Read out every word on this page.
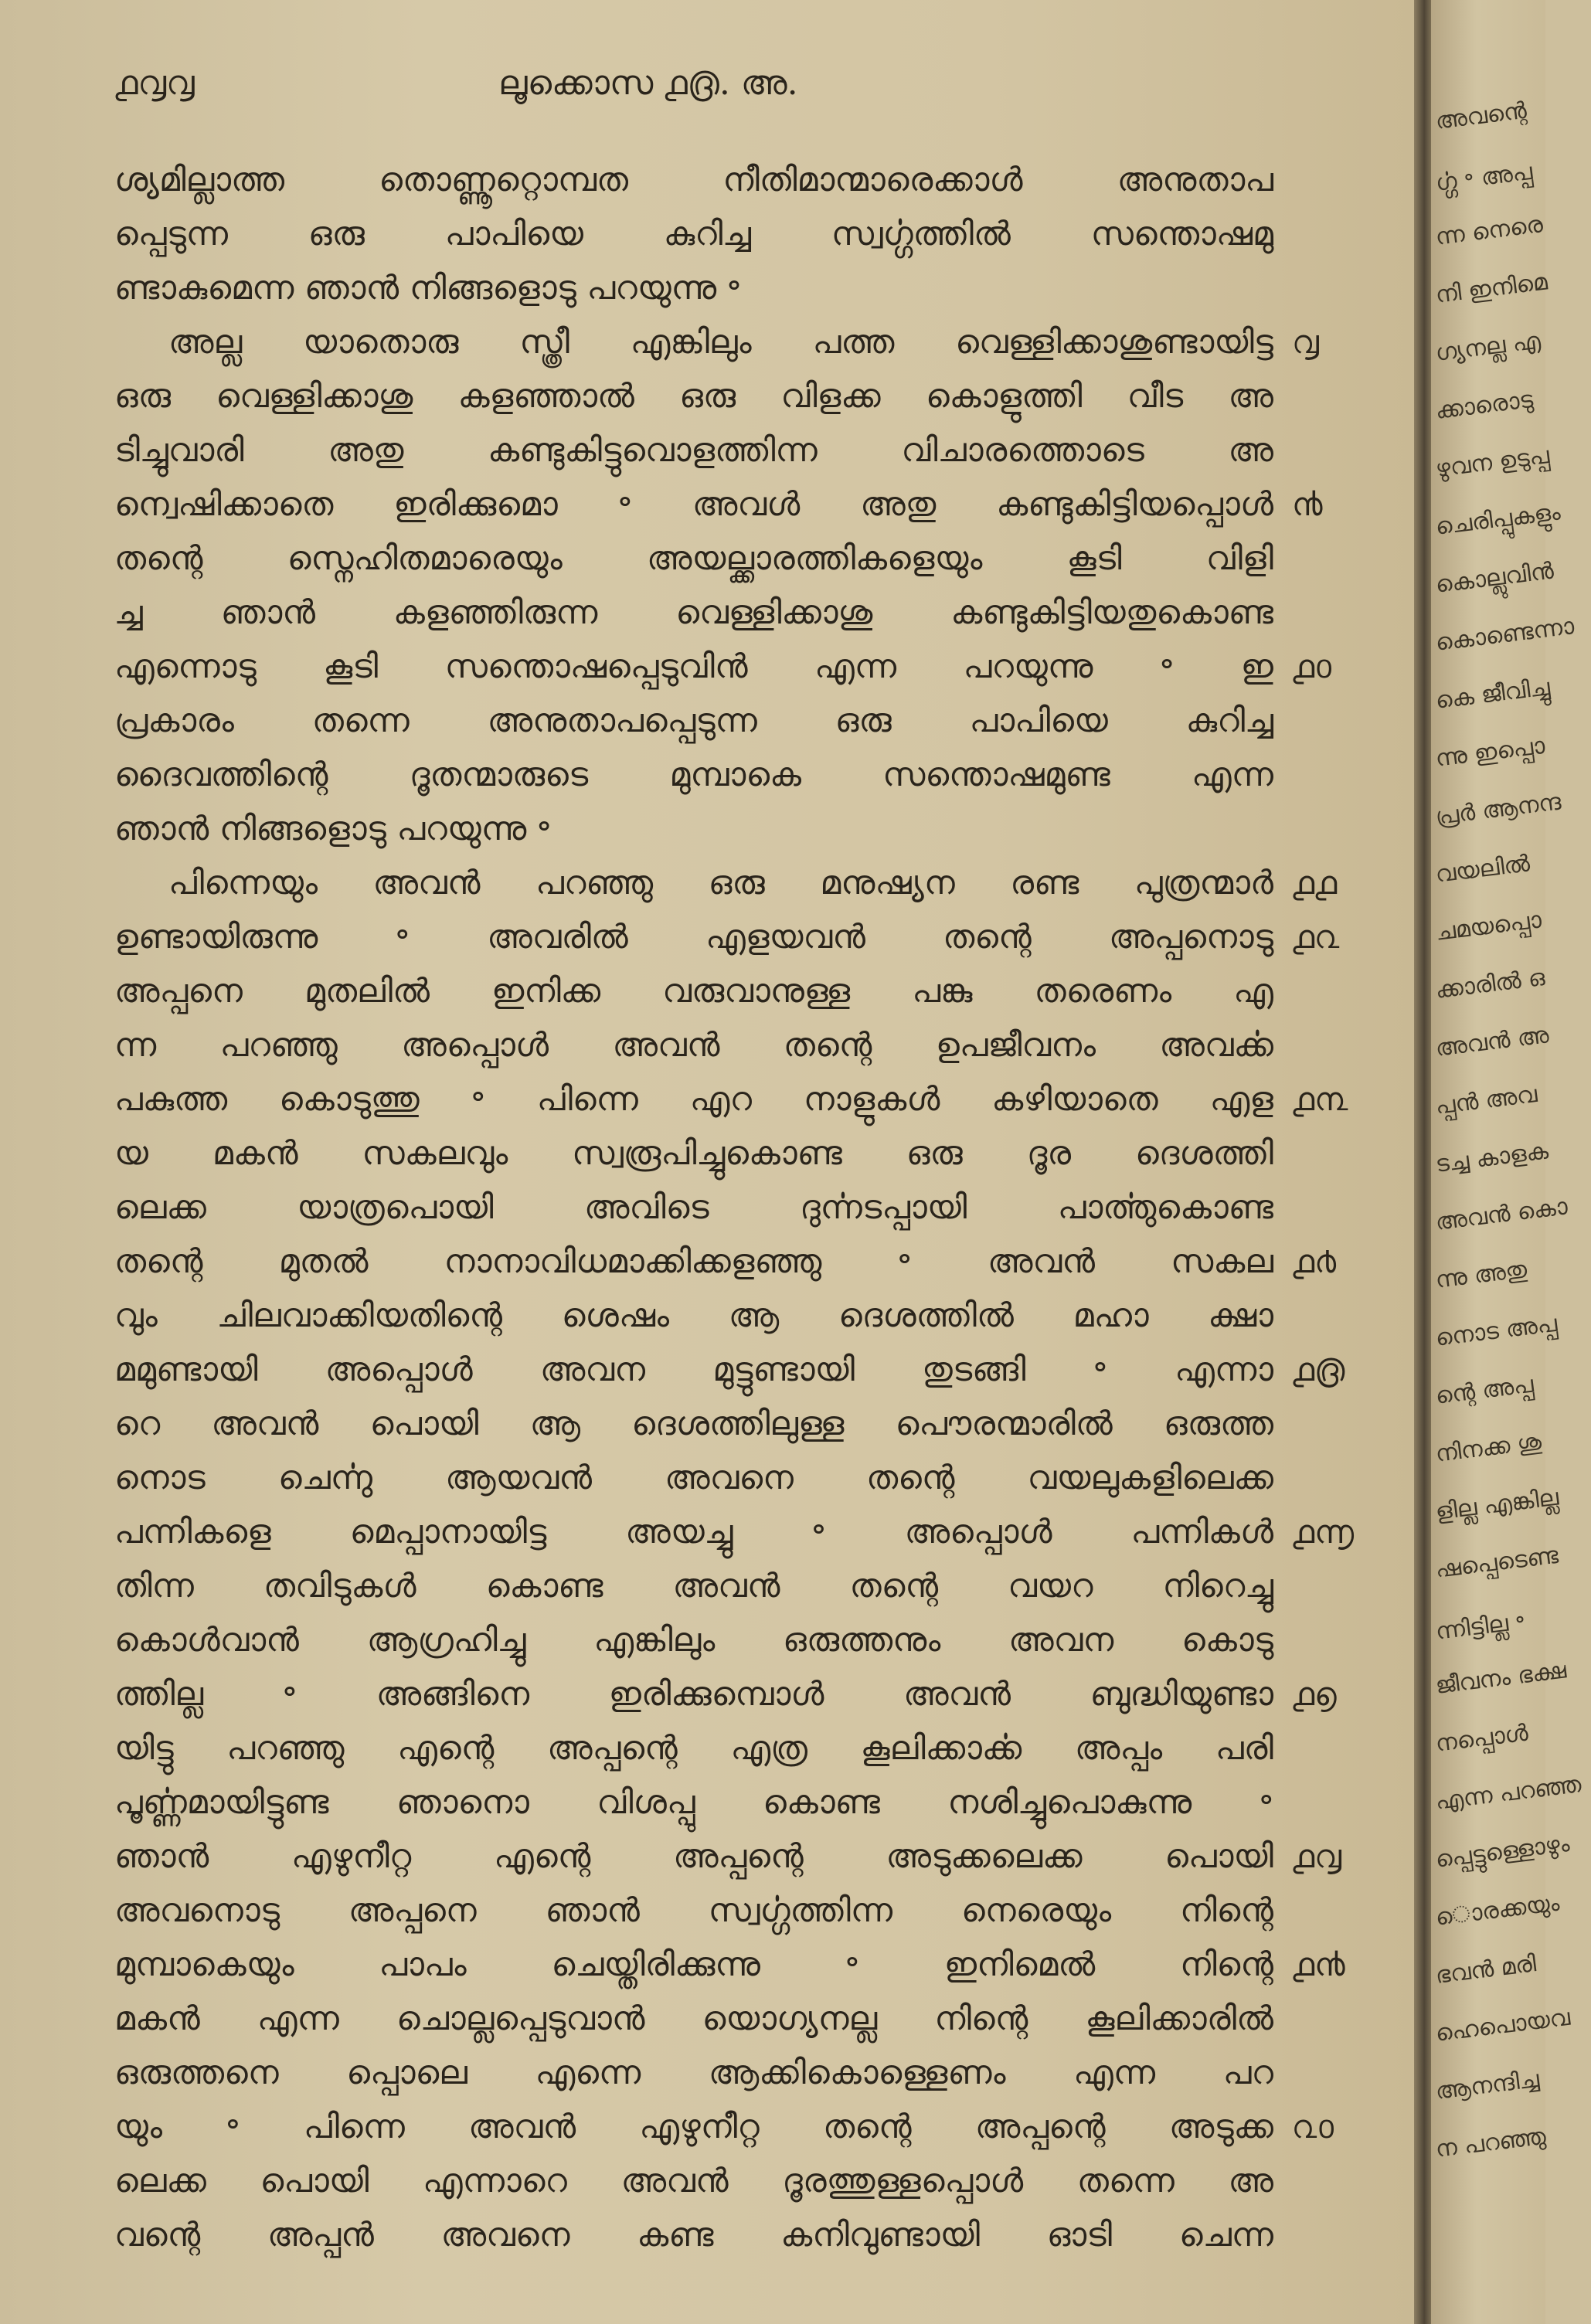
൧൮൮	ലൂക്കൊസ ൧൫. അ.
ശ്യമില്ലാത്ത തൊണ്ണൂറ്റൊമ്പത നീതിമാന്മാരെക്കാൾ അനുതാപ
പ്പെടുന്ന ഒരു പാപിയെ കുറിച്ച സ്വൎഗ്ഗത്തിൽ സന്തൊഷമു
ണ്ടാകുമെന്ന ഞാൻ നിങ്ങളൊടു പറയുന്നു ॰
അല്ല യാതൊരു സ്ത്രീ എങ്കിലും പത്ത വെള്ളിക്കാശുണ്ടായിട്ട
ഒരു വെള്ളിക്കാശു കളഞ്ഞാൽ ഒരു വിളക്ക കൊളുത്തി വീട അ
ടിച്ചുവാരി അതു കണ്ടുകിട്ടുവൊളത്തിന്ന വിചാരത്തൊടെ അ
ന്വെഷിക്കാതെ ഇരിക്കുമൊ ॰ അവൾ അതു കണ്ടുകിട്ടിയപ്പൊൾ
തന്റെ സ്നെഹിതമാരെയും അയല്ക്കാരത്തികളെയും കൂടി വിളി
ച്ച ഞാൻ കളഞ്ഞിരുന്ന വെള്ളിക്കാശു കണ്ടുകിട്ടിയതുകൊണ്ട
എന്നൊടു കൂടി സന്തൊഷപ്പെടുവിൻ എന്ന പറയുന്നു ॰ ഇ
പ്രകാരം തന്നെ അനുതാപപ്പെടുന്ന ഒരു പാപിയെ കുറിച്ച
ദൈവത്തിന്റെ ദൂതന്മാരുടെ മുമ്പാകെ സന്തൊഷമുണ്ട എന്ന
ഞാൻ നിങ്ങളൊടു പറയുന്നു ॰
പിന്നെയും അവൻ പറഞ്ഞു ഒരു മനുഷ്യന രണ്ട പുത്രന്മാർ
ഉണ്ടായിരുന്നു ॰ അവരിൽ എളയവൻ തന്റെ അപ്പനൊടു
അപ്പനെ മുതലിൽ ഇനിക്ക വരുവാനുള്ള പങ്കു തരെണം എ
ന്ന പറഞ്ഞു അപ്പൊൾ അവൻ തന്റെ ഉപജീവനം അവൎക്ക
പകുത്ത കൊടുത്തു ॰ പിന്നെ എറ നാളുകൾ കഴിയാതെ എള
യ മകൻ സകലവും സ്വരൂപിച്ചുകൊണ്ട ഒരു ദൂര ദെശത്തി
ലെക്ക യാത്രപൊയി അവിടെ ദുൎന്നടപ്പായി പാൎത്തുകൊണ്ട
തന്റെ മുതൽ നാനാവിധമാക്കിക്കളഞ്ഞു ॰ അവൻ സകല
വും ചിലവാക്കിയതിന്റെ ശെഷം ആ ദെശത്തിൽ മഹാ ക്ഷാ
മമുണ്ടായി അപ്പൊൾ അവന മുട്ടുണ്ടായി തുടങ്ങി ॰ എന്നാ
റെ അവൻ പൊയി ആ ദെശത്തിലുള്ള പൌരന്മാരിൽ ഒരുത്ത
നൊട ചെൎന്നു ആയവൻ അവനെ തന്റെ വയലുകളിലെക്ക
പന്നികളെ മെപ്പാനായിട്ട അയച്ചു ॰ അപ്പൊൾ പന്നികൾ
തിന്ന തവിടുകൾ കൊണ്ട അവൻ തന്റെ വയറ നിറെച്ചു
കൊൾവാൻ ആഗ്രഹിച്ചു എങ്കിലും ഒരുത്തനും അവന കൊടു
ത്തില്ല ॰ അങ്ങിനെ ഇരിക്കുമ്പൊൾ അവൻ ബുദ്ധിയുണ്ടാ
യിട്ടു പറഞ്ഞു എന്റെ അപ്പന്റെ എത്ര കൂലിക്കാൎക്ക അപ്പം പരി
പൂൎണ്ണമായിട്ടുണ്ട ഞാനൊ വിശപ്പു കൊണ്ട നശിച്ചുപൊകുന്നു ॰
ഞാൻ എഴുനീറ്റ എന്റെ അപ്പന്റെ അടുക്കലെക്ക പൊയി
അവനൊടു അപ്പനെ ഞാൻ സ്വൎഗ്ഗത്തിന്ന നെരെയും നിന്റെ
മുമ്പാകെയും പാപം ചെയ്തിരിക്കുന്നു ॰ ഇനിമെൽ നിന്റെ
മകൻ എന്ന ചൊല്ലപ്പെടുവാൻ യൊഗ്യനല്ല നിന്റെ കൂലിക്കാരിൽ
ഒരുത്തനെ പ്പൊലെ എന്നെ ആക്കികൊള്ളെണം എന്ന പറ
യും ॰ പിന്നെ അവൻ എഴുനീറ്റ തന്റെ അപ്പന്റെ അടുക്ക
ലെക്ക പൊയി എന്നാറെ അവൻ ദൂരത്തുള്ളപ്പൊൾ തന്നെ അ
വന്റെ അപ്പൻ അവനെ കണ്ട കനിവുണ്ടായി ഓടി ചെന്ന
൮
൯
൧൦
൧൧
൧൨
൧൩
൧൪
൧൫
൧൬
൧൭
൧൮
൧൯
൨൦
അവന്റെ
ൎഗ്ഗ ॰ അപ്പ
ന്ന നെരെ
നി ഇനിമെ
ഗ്യനല്ല എ
ക്കാരൊടു
ഴുവന ഉടുപ്പ
ചെരിപ്പുകളും
കൊല്ലുവിൻ
കൊണ്ടെന്നാ
കെ ജീവിച്ചു
ന്നു ഇപ്പൊ
പ്രർ ആനന്ദ
വയലിൽ
ചമയപ്പൊ
ക്കാരിൽ ഒ
അവൻ അ
പ്പൻ അവ
ടച്ച കാളക
അവൻ കൊ
ന്നു അതു
നൊട അപ്പ
ന്റെ അപ്പ
നിനക്ക ശു
ളില്ല എങ്കില്ല
ഷപ്പെടെണ്ട
ന്നിട്ടില്ല ॰
ജീവനം ഭക്ഷ
നപ്പൊൾ
എന്ന പറഞ്ഞ
പ്പെട്ടുള്ളൊഴും
ൊരക്കയും
ഭവൻ മരി
ഹെപൊയവ
ആനന്ദിച്ച
ന പറഞ്ഞു
